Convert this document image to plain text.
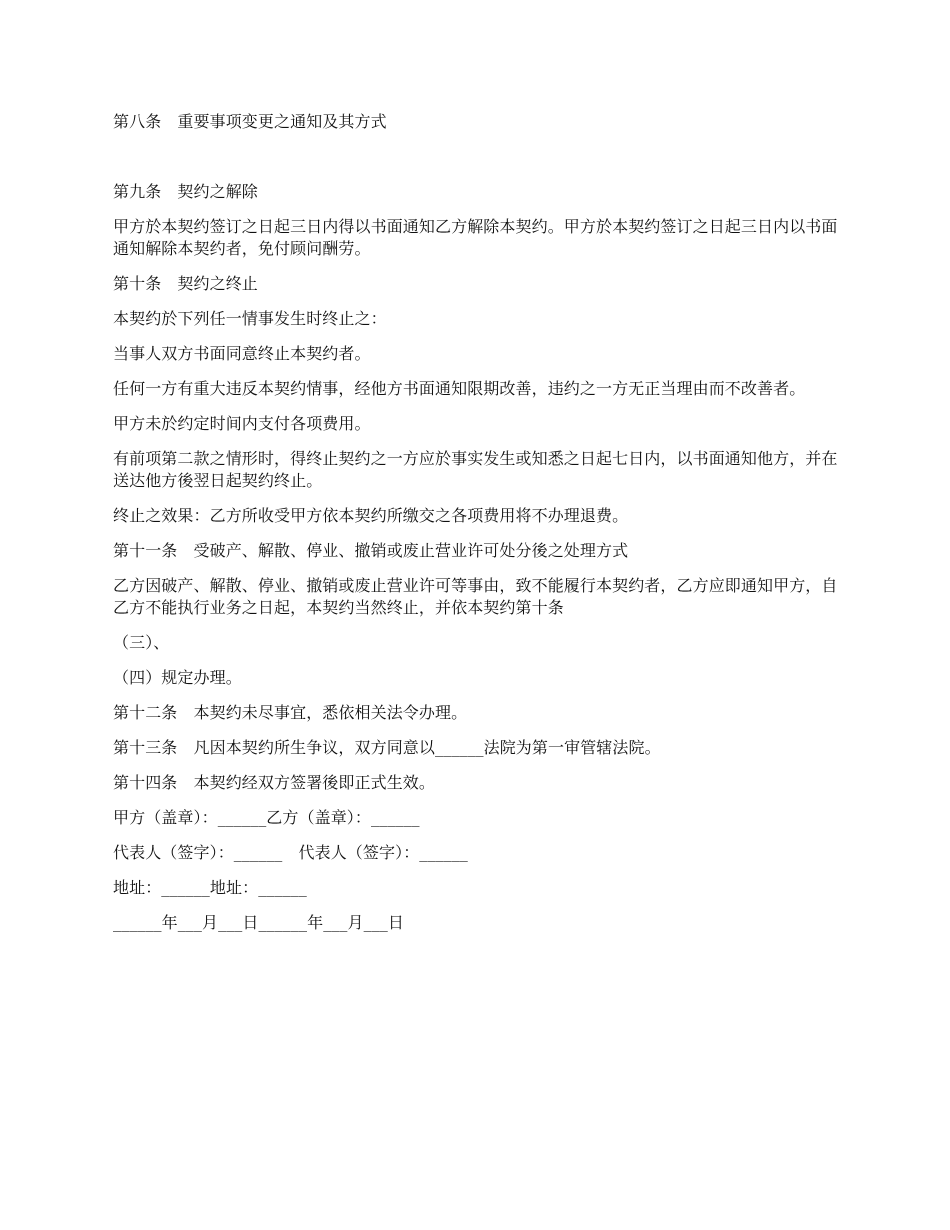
第八条　重要事项变更之通知及其方式

第九条　契约之解除

甲方於本契约签订之日起三日内得以书面通知乙方解除本契约。甲方於本契约签订之日起三日内以书面通知解除本契约者，免付顾问酬劳。

第十条　契约之终止

本契约於下列任一情事发生时终止之：

当事人双方书面同意终止本契约者。

任何一方有重大违反本契约情事，经他方书面通知限期改善，违约之一方无正当理由而不改善者。

甲方未於约定时间内支付各项费用。

有前项第二款之情形时，得终止契约之一方应於事实发生或知悉之日起七日内，以书面通知他方，并在送达他方後翌日起契约终止。

终止之效果：乙方所收受甲方依本契约所缴交之各项费用将不办理退费。

第十一条　受破产、解散、停业、撤销或废止营业许可处分後之处理方式

乙方因破产、解散、停业、撤销或废止营业许可等事由，致不能履行本契约者，乙方应即通知甲方，自乙方不能执行业务之日起，本契约当然终止，并依本契约第十条

（三）、

（四）规定办理。

第十二条　本契约未尽事宜，悉依相关法令办理。

第十三条　凡因本契约所生争议，双方同意以______法院为第一审管辖法院。

第十四条　本契约经双方签署後即正式生效。

甲方（盖章）：______乙方（盖章）：______

代表人（签字）：______　代表人（签字）：______

地址：______地址：______

______年___月___日______年___月___日
